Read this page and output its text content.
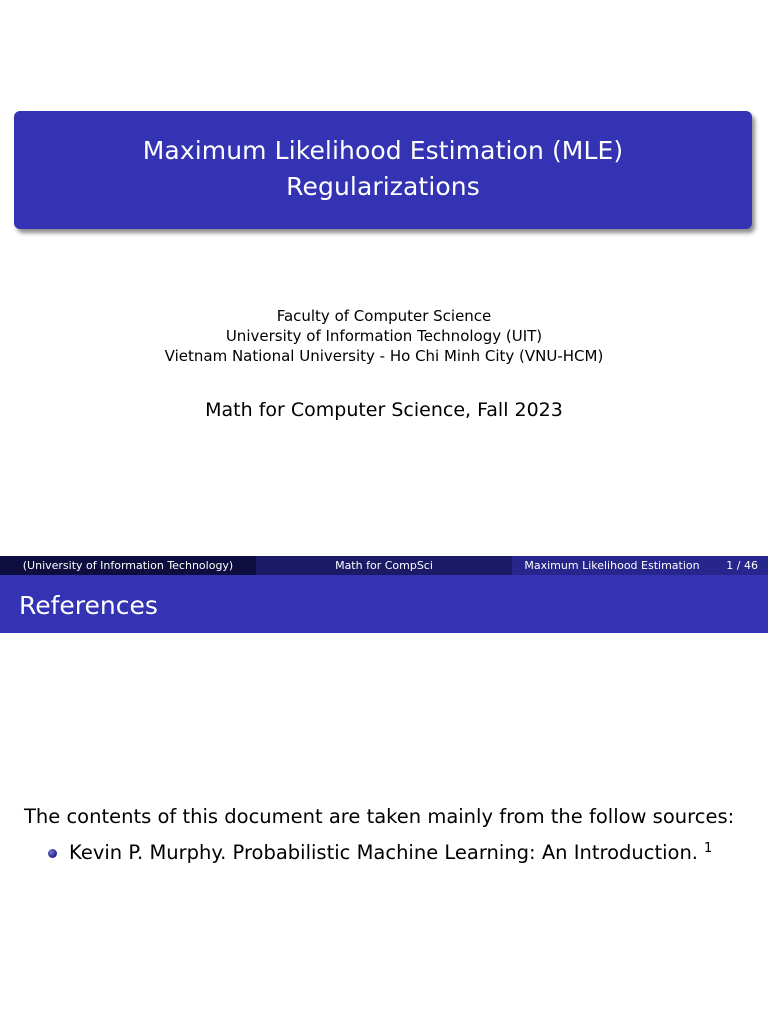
Maximum Likelihood Estimation (MLE)
Regularizations
Faculty of Computer Science
University of Information Technology (UIT)
Vietnam National University - Ho Chi Minh City (VNU-HCM)
Math for Computer Science, Fall 2023
(University of Information Technology)	Math for CompSci	Maximum Likelihood Estimation	1 / 46
References
The contents of this document are taken mainly from the follow sources:
Kevin P. Murphy. Probabilistic Machine Learning: An Introduction. 1
